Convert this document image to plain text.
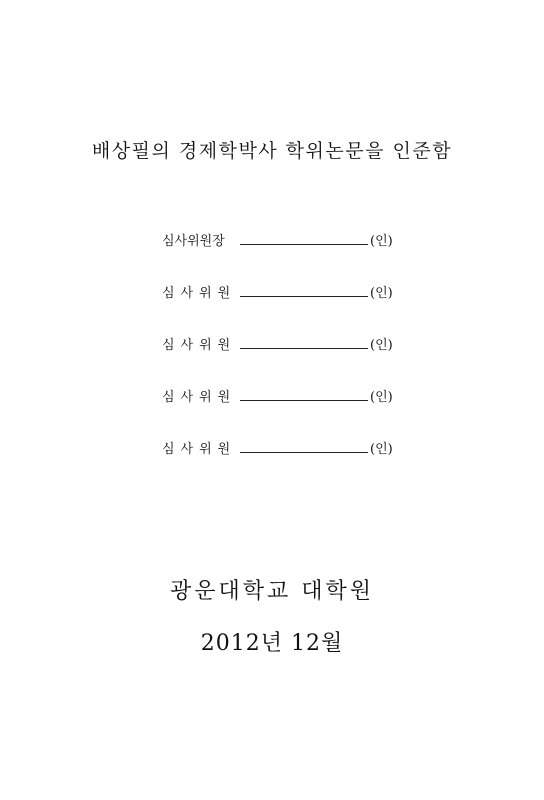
배상필의 경제학박사 학위논문을 인준함
심사위원장	(인)
심사위원	(인)
심사위원	(인)
심사위원	(인)
심사위원	(인)
광운대학교 대학원
2012년 12월
